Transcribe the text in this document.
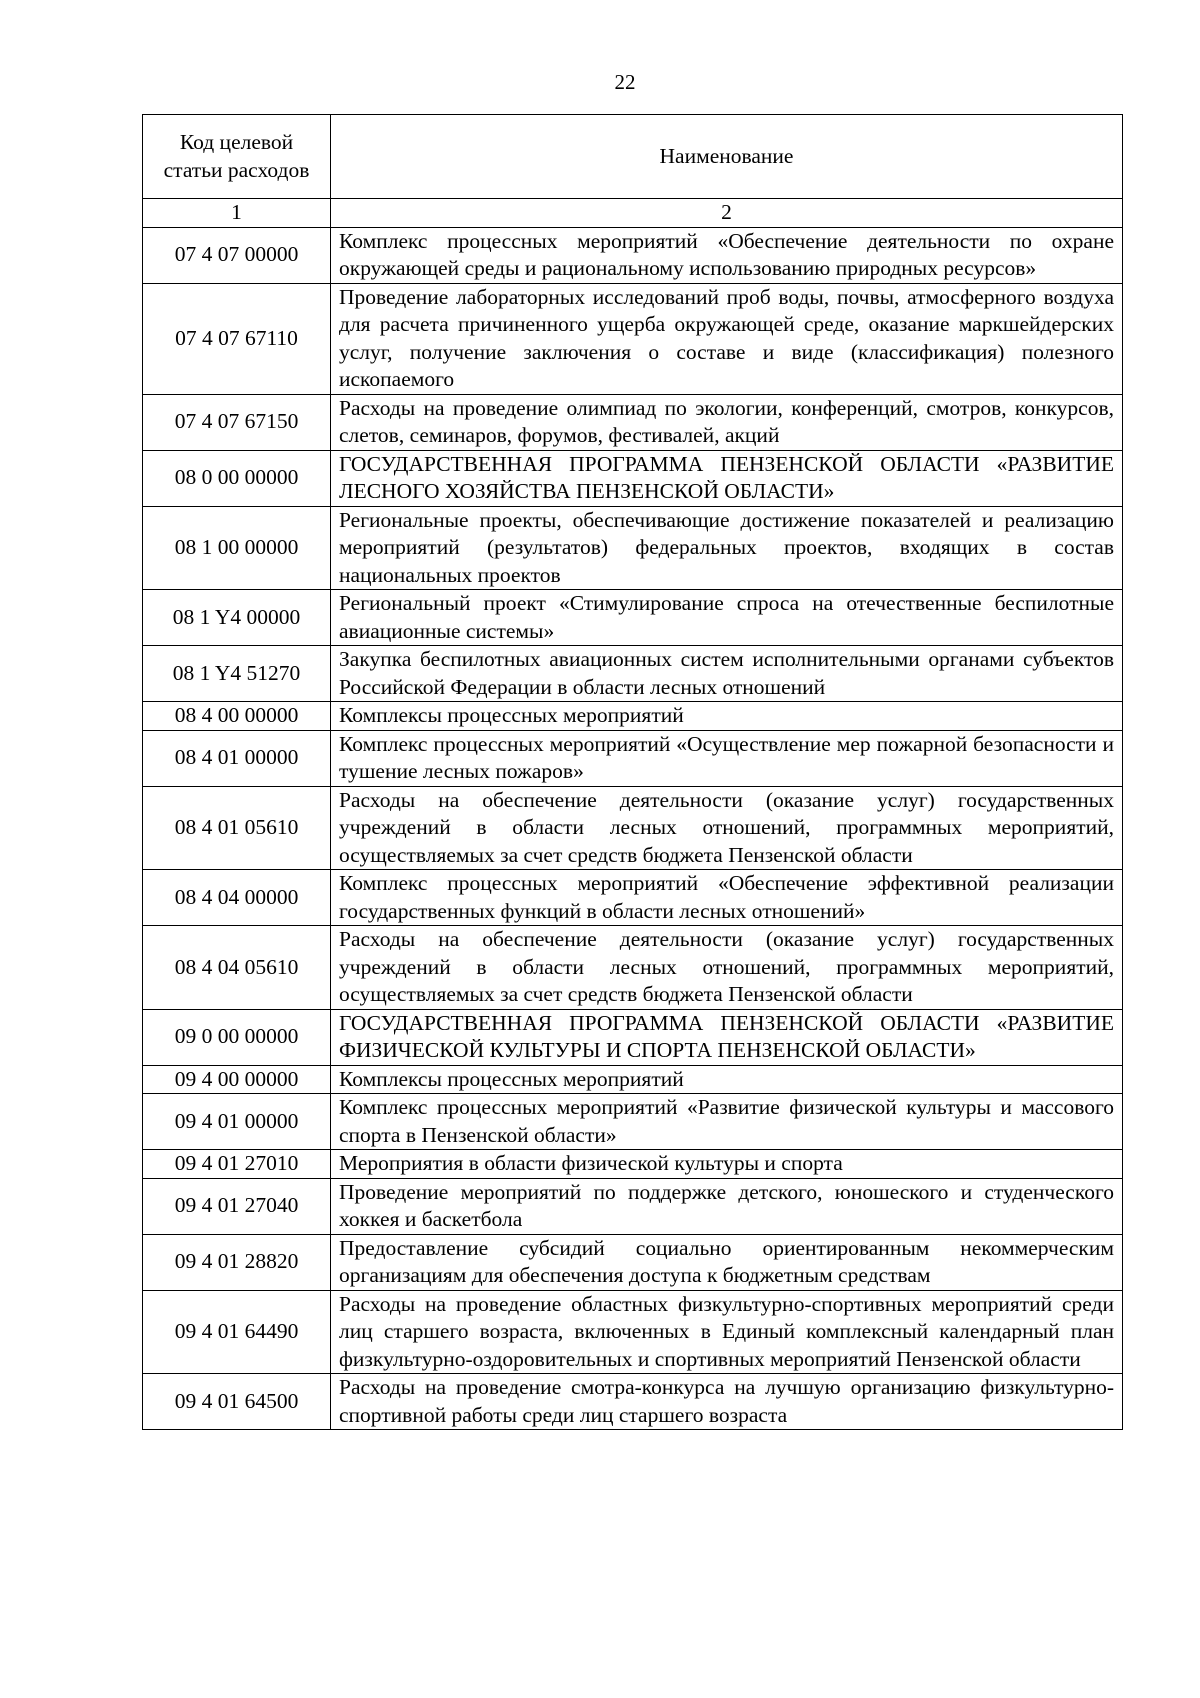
22
Код целевой статьи расходов	Наименование
1	2
07 4 07 00000	Комплекс процессных мероприятий «Обеспечение деятельности по охране окружающей среды и рациональному использованию природных ресурсов»
07 4 07 67110	Проведение лабораторных исследований проб воды, почвы, атмосферного воздуха для расчета причиненного ущерба окружающей среде, оказание маркшейдерских услуг, получение заключения о составе и виде (классификация) полезного ископаемого
07 4 07 67150	Расходы на проведение олимпиад по экологии, конференций, смотров, конкурсов, слетов, семинаров, форумов, фестивалей, акций
08 0 00 00000	ГОСУДАРСТВЕННАЯ ПРОГРАММА ПЕНЗЕНСКОЙ ОБЛАСТИ «РАЗВИТИЕ ЛЕСНОГО ХОЗЯЙСТВА ПЕНЗЕНСКОЙ ОБЛАСТИ»
08 1 00 00000	Региональные проекты, обеспечивающие достижение показателей и реализацию мероприятий (результатов) федеральных проектов, входящих в состав национальных проектов
08 1 Y4 00000	Региональный проект «Стимулирование спроса на отечественные беспилотные авиационные системы»
08 1 Y4 51270	Закупка беспилотных авиационных систем исполнительными органами субъектов Российской Федерации в области лесных отношений
08 4 00 00000	Комплексы процессных мероприятий
08 4 01 00000	Комплекс процессных мероприятий «Осуществление мер пожарной безопасности и тушение лесных пожаров»
08 4 01 05610	Расходы на обеспечение деятельности (оказание услуг) государственных учреждений в области лесных отношений, программных мероприятий, осуществляемых за счет средств бюджета Пензенской области
08 4 04 00000	Комплекс процессных мероприятий «Обеспечение эффективной реализации государственных функций в области лесных отношений»
08 4 04 05610	Расходы на обеспечение деятельности (оказание услуг) государственных учреждений в области лесных отношений, программных мероприятий, осуществляемых за счет средств бюджета Пензенской области
09 0 00 00000	ГОСУДАРСТВЕННАЯ ПРОГРАММА ПЕНЗЕНСКОЙ ОБЛАСТИ «РАЗВИТИЕ ФИЗИЧЕСКОЙ КУЛЬТУРЫ И СПОРТА ПЕНЗЕНСКОЙ ОБЛАСТИ»
09 4 00 00000	Комплексы процессных мероприятий
09 4 01 00000	Комплекс процессных мероприятий «Развитие физической культуры и массового спорта в Пензенской области»
09 4 01 27010	Мероприятия в области физической культуры и спорта
09 4 01 27040	Проведение мероприятий по поддержке детского, юношеского и студенческого хоккея и баскетбола
09 4 01 28820	Предоставление субсидий социально ориентированным некоммерческим организациям для обеспечения доступа к бюджетным средствам
09 4 01 64490	Расходы на проведение областных физкультурно-спортивных мероприятий среди лиц старшего возраста, включенных в Единый комплексный календарный план физкультурно-оздоровительных и спортивных мероприятий Пензенской области
09 4 01 64500	Расходы на проведение смотра-конкурса на лучшую организацию физкультурно-спортивной работы среди лиц старшего возраста
